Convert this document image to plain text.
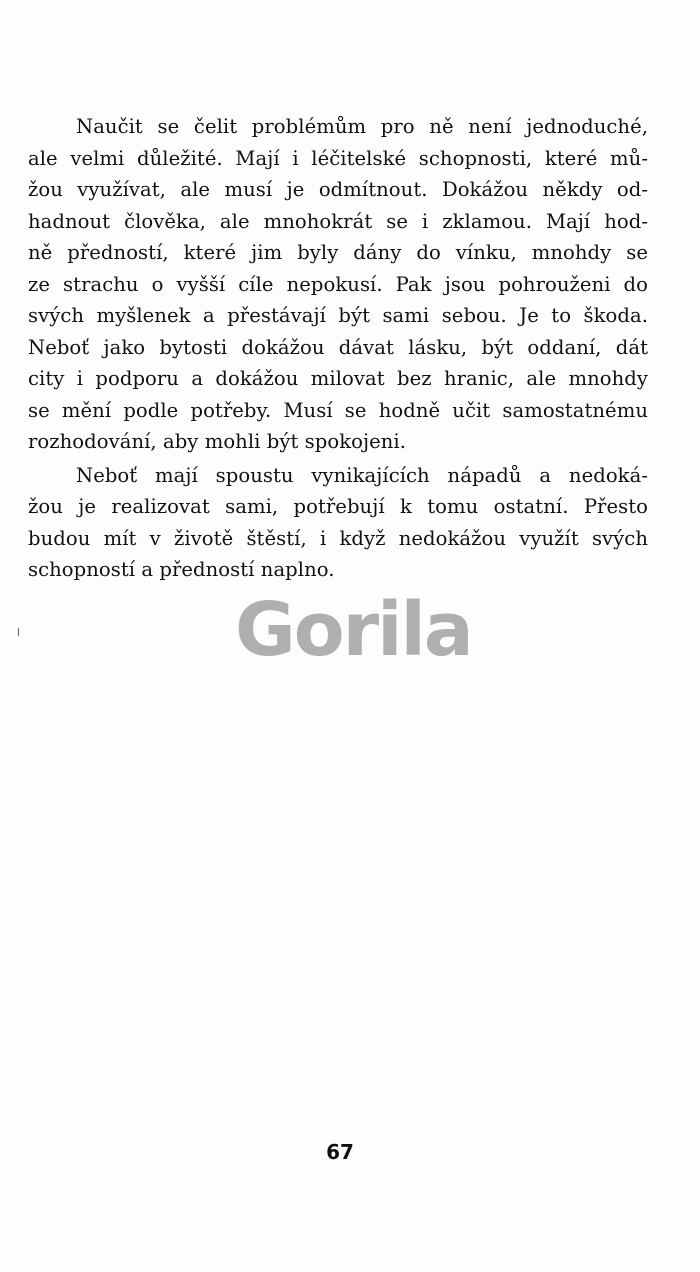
Naučit se čelit problémům pro ně není jednoduché,
ale velmi důležité. Mají i léčitelské schopnosti, které mů-
žou využívat, ale musí je odmítnout. Dokážou někdy od-
hadnout člověka, ale mnohokrát se i zklamou. Mají hod-
ně předností, které jim byly dány do vínku, mnohdy se
ze strachu o vyšší cíle nepokusí. Pak jsou pohrouženi do
svých myšlenek a přestávají být sami sebou. Je to škoda.
Neboť jako bytosti dokážou dávat lásku, být oddaní, dát
city i podporu a dokážou milovat bez hranic, ale mnohdy
se mění podle potřeby. Musí se hodně učit samostatnému
rozhodování, aby mohli být spokojeni.
Neboť mají spoustu vynikajících nápadů a nedoká-
žou je realizovat sami, potřebují k tomu ostatní. Přesto
budou mít v životě štěstí, i když nedokážou využít svých
schopností a předností naplno.
Gorila
67
